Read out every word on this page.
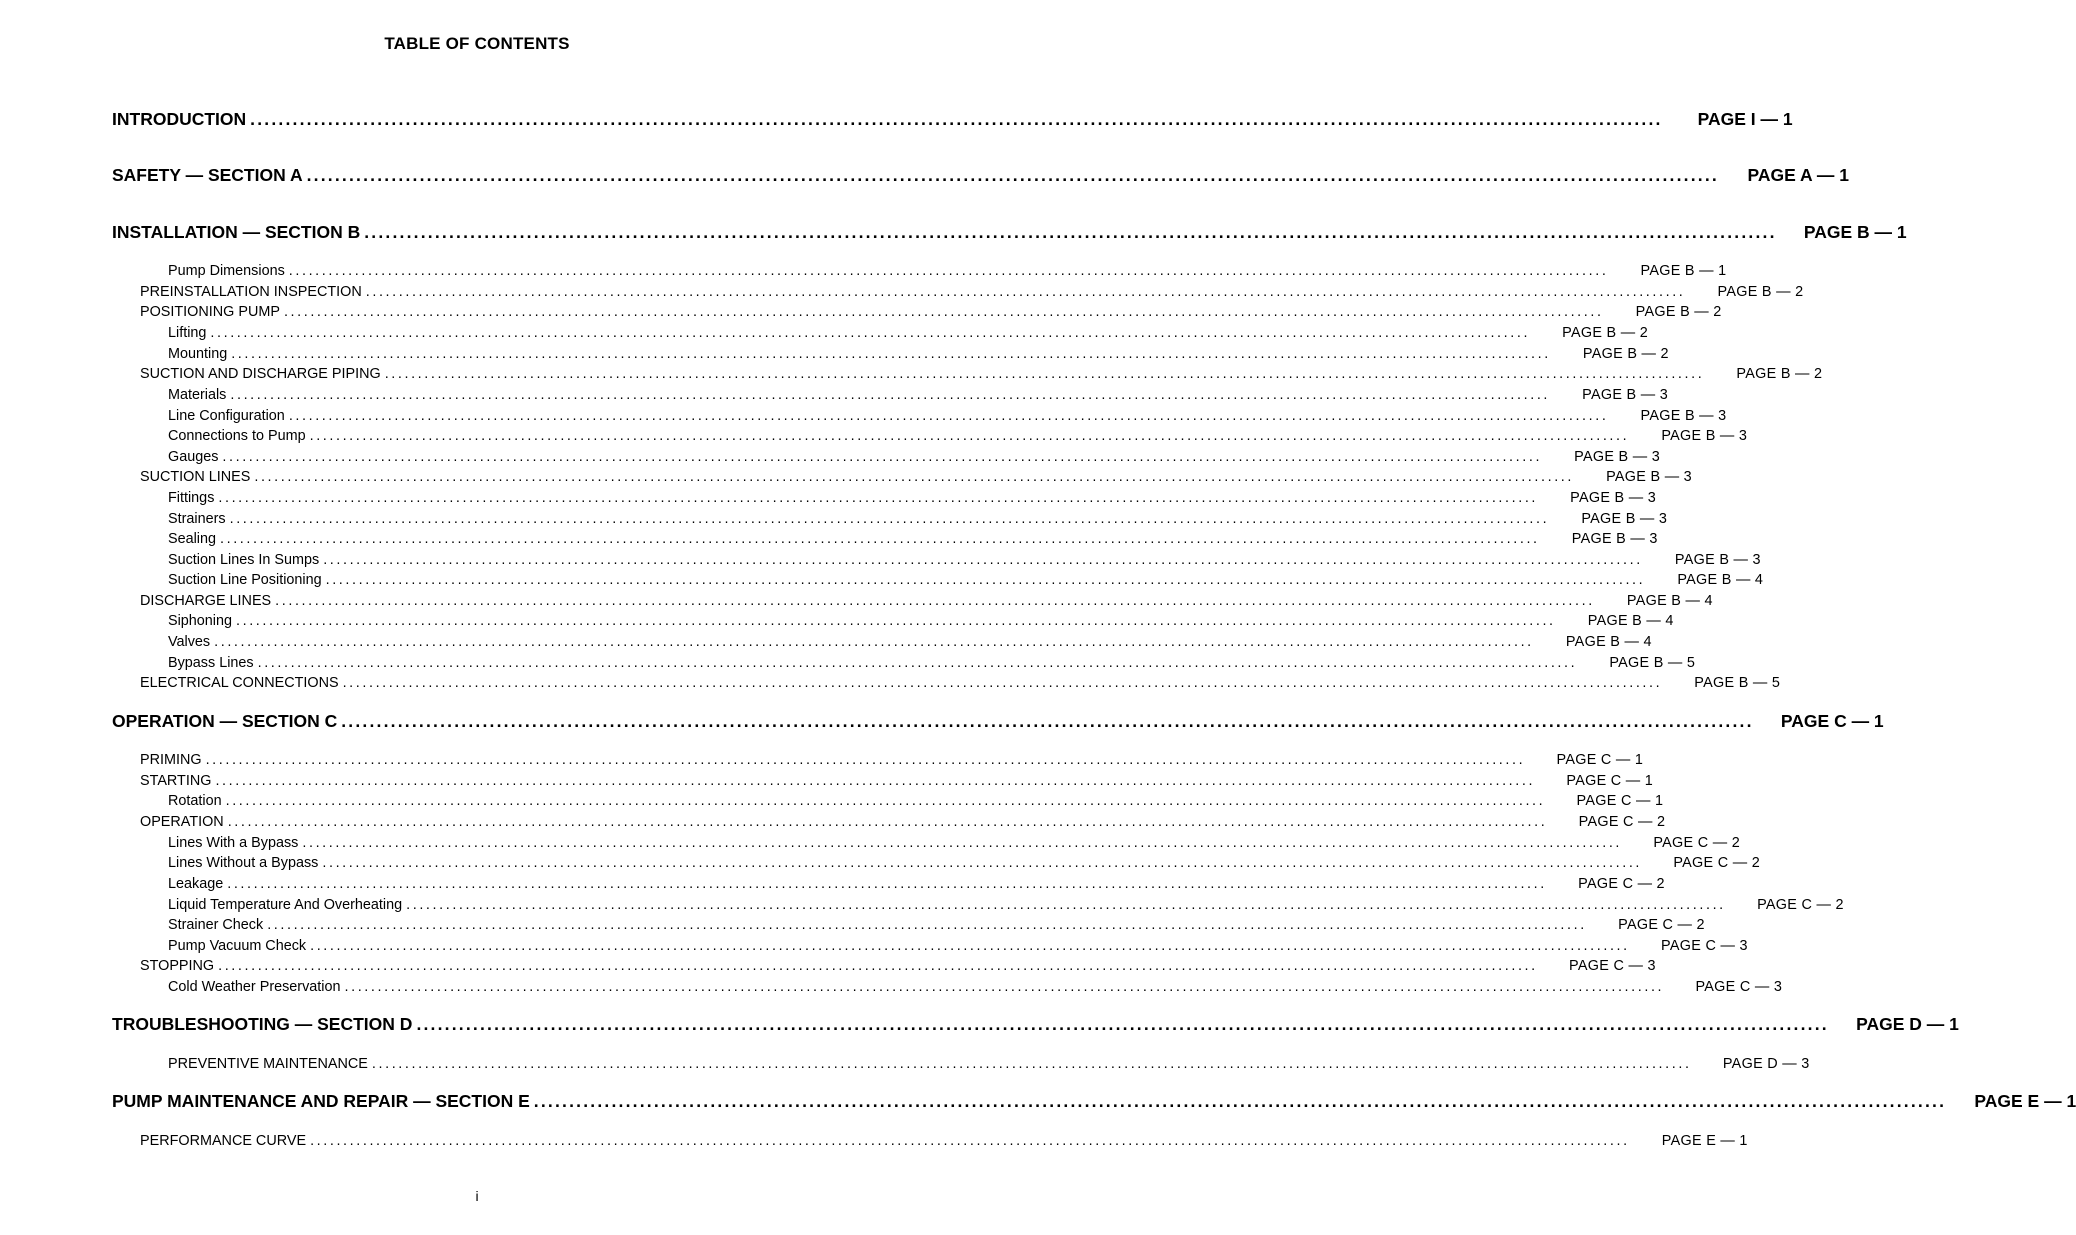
TABLE OF CONTENTS
INTRODUCTION ........................................................................................................................................................................................................	PAGE I — 1
SAFETY — SECTION A ........................................................................................................................................................................................................	PAGE A — 1
INSTALLATION — SECTION B ........................................................................................................................................................................................................	PAGE B — 1
Pump Dimensions ........................................................................................................................................................................................................	PAGE B — 1
PREINSTALLATION INSPECTION ........................................................................................................................................................................................................	PAGE B — 2
POSITIONING PUMP ........................................................................................................................................................................................................	PAGE B — 2
Lifting ........................................................................................................................................................................................................	PAGE B — 2
Mounting ........................................................................................................................................................................................................	PAGE B — 2
SUCTION AND DISCHARGE PIPING ........................................................................................................................................................................................................	PAGE B — 2
Materials ........................................................................................................................................................................................................	PAGE B — 3
Line Configuration ........................................................................................................................................................................................................	PAGE B — 3
Connections to Pump ........................................................................................................................................................................................................	PAGE B — 3
Gauges ........................................................................................................................................................................................................	PAGE B — 3
SUCTION LINES ........................................................................................................................................................................................................	PAGE B — 3
Fittings ........................................................................................................................................................................................................	PAGE B — 3
Strainers ........................................................................................................................................................................................................	PAGE B — 3
Sealing ........................................................................................................................................................................................................	PAGE B — 3
Suction Lines In Sumps ........................................................................................................................................................................................................	PAGE B — 3
Suction Line Positioning ........................................................................................................................................................................................................	PAGE B — 4
DISCHARGE LINES ........................................................................................................................................................................................................	PAGE B — 4
Siphoning ........................................................................................................................................................................................................	PAGE B — 4
Valves ........................................................................................................................................................................................................	PAGE B — 4
Bypass Lines ........................................................................................................................................................................................................	PAGE B — 5
ELECTRICAL CONNECTIONS ........................................................................................................................................................................................................	PAGE B — 5
OPERATION — SECTION C ........................................................................................................................................................................................................	PAGE C — 1
PRIMING ........................................................................................................................................................................................................	PAGE C — 1
STARTING ........................................................................................................................................................................................................	PAGE C — 1
Rotation ........................................................................................................................................................................................................	PAGE C — 1
OPERATION ........................................................................................................................................................................................................	PAGE C — 2
Lines With a Bypass ........................................................................................................................................................................................................	PAGE C — 2
Lines Without a Bypass ........................................................................................................................................................................................................	PAGE C — 2
Leakage ........................................................................................................................................................................................................	PAGE C — 2
Liquid Temperature And Overheating ........................................................................................................................................................................................................	PAGE C — 2
Strainer Check ........................................................................................................................................................................................................	PAGE C — 2
Pump Vacuum Check ........................................................................................................................................................................................................	PAGE C — 3
STOPPING ........................................................................................................................................................................................................	PAGE C — 3
Cold Weather Preservation ........................................................................................................................................................................................................	PAGE C — 3
TROUBLESHOOTING — SECTION D ........................................................................................................................................................................................................	PAGE D — 1
PREVENTIVE MAINTENANCE ........................................................................................................................................................................................................	PAGE D — 3
PUMP MAINTENANCE AND REPAIR — SECTION E ........................................................................................................................................................................................................	PAGE E — 1
PERFORMANCE CURVE ........................................................................................................................................................................................................	PAGE E — 1
i
